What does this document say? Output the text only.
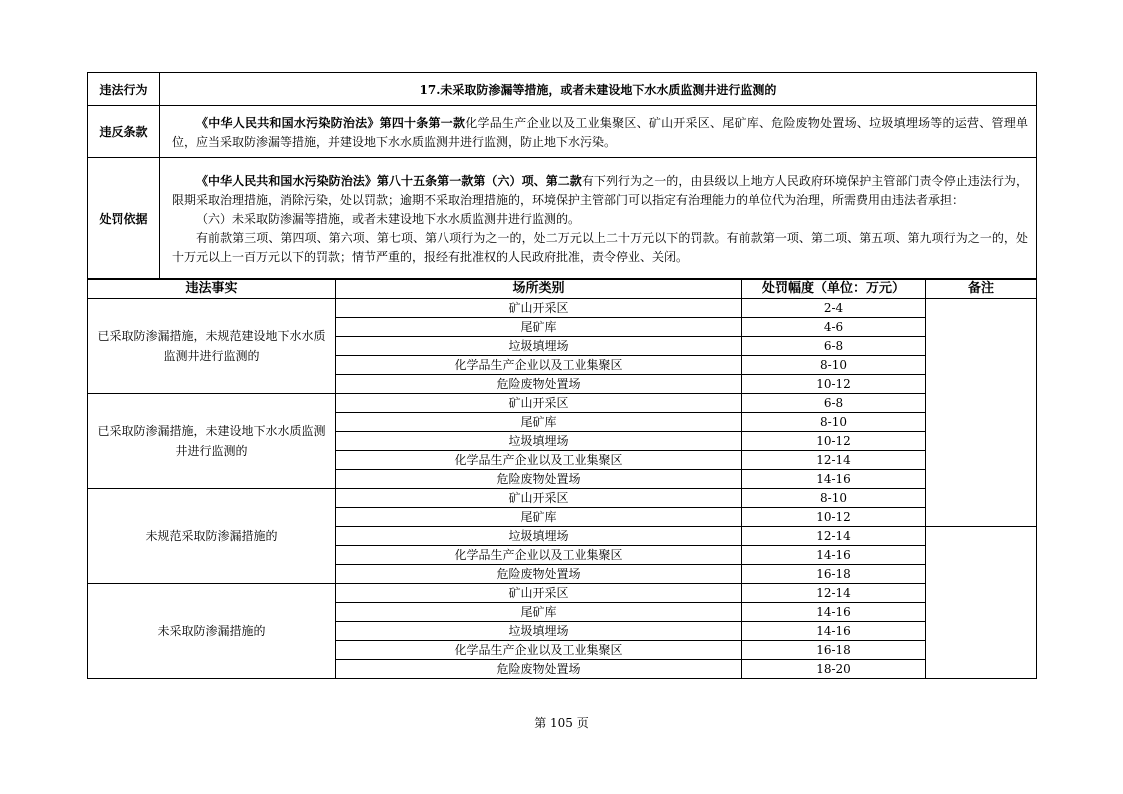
违法行为	17.未采取防渗漏等措施，或者未建设地下水水质监测井进行监测的
违反条款	《中华人民共和国水污染防治法》第四十条第一款化学品生产企业以及工业集聚区、矿山开采区、尾矿库、危险废物处置场、垃圾填埋场等的运营、管理单位，应当采取防渗漏等措施，并建设地下水水质监测井进行监测，防止地下水污染。

处罚依据	《中华人民共和国水污染防治法》第八十五条第一款第（六）项、第二款有下列行为之一的，由县级以上地方人民政府环境保护主管部门责令停止违法行为，限期采取治理措施，消除污染，处以罚款；逾期不采取治理措施的，环境保护主管部门可以指定有治理能力的单位代为治理，所需费用由违法者承担：

（六）未采取防渗漏等措施，或者未建设地下水水质监测井进行监测的。

有前款第三项、第四项、第六项、第七项、第八项行为之一的，处二万元以上二十万元以下的罚款。有前款第一项、第二项、第五项、第九项行为之一的，处十万元以上一百万元以下的罚款；情节严重的，报经有批准权的人民政府批准，责令停业、关闭。

违法事实	场所类别	处罚幅度（单位：万元）	备注
已采取防渗漏措施，未规范建设地下水水质监测井进行监测的	矿山开采区	2-4	
	尾矿库	4-6	
	垃圾填埋场	6-8	
	化学品生产企业以及工业集聚区	8-10	
	危险废物处置场	10-12	
已采取防渗漏措施，未建设地下水水质监测井进行监测的	矿山开采区	6-8	
	尾矿库	8-10	
	垃圾填埋场	10-12	
	化学品生产企业以及工业集聚区	12-14	
	危险废物处置场	14-16	
未规范采取防渗漏措施的	矿山开采区	8-10	
	尾矿库	10-12	
	垃圾填埋场	12-14	
	化学品生产企业以及工业集聚区	14-16	
	危险废物处置场	16-18	
未采取防渗漏措施的	矿山开采区	12-14	
	尾矿库	14-16	
	垃圾填埋场	14-16	
	化学品生产企业以及工业集聚区	16-18	
	危险废物处置场	18-20	
第 105 页
